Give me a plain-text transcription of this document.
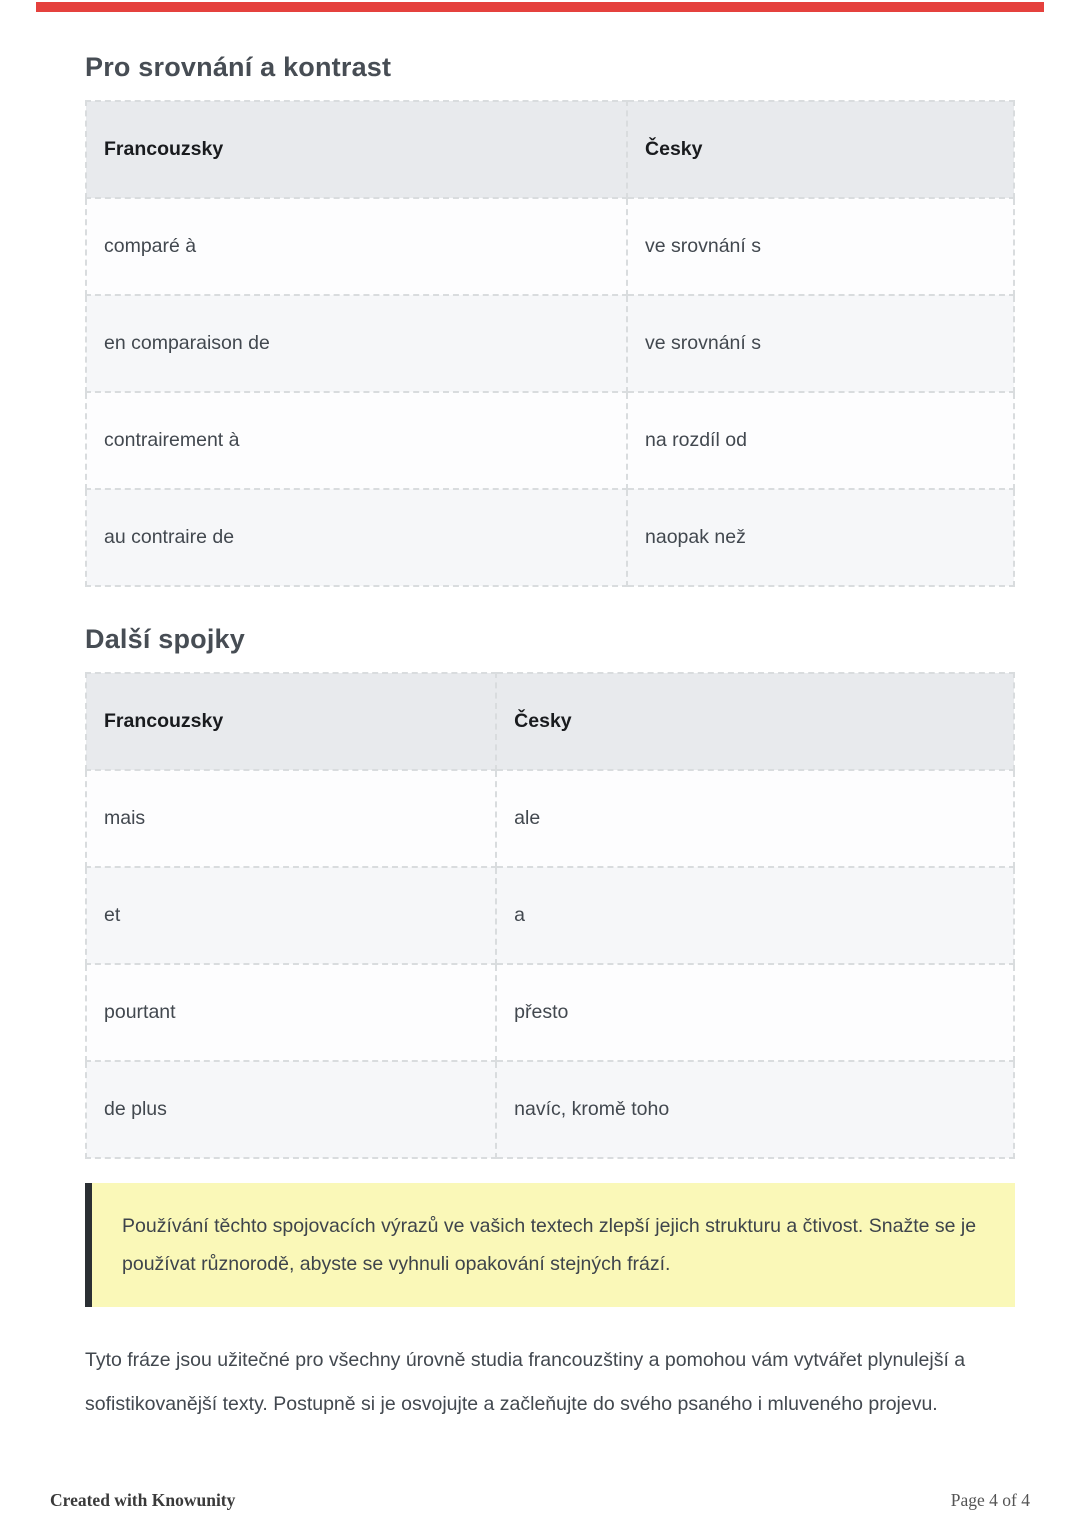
Pro srovnání a kontrast
Francouzsky	Česky
comparé à	ve srovnání s
en comparaison de	ve srovnání s
contrairement à	na rozdíl od
au contraire de	naopak než
Další spojky
Francouzsky	Česky
mais	ale
et	a
pourtant	přesto
de plus	navíc, kromě toho
Používání těchto spojovacích výrazů ve vašich textech zlepší jejich strukturu a čtivost. Snažte se je používat různorodě, abyste se vyhnuli opakování stejných frází.

Tyto fráze jsou užitečné pro všechny úrovně studia francouzštiny a pomohou vám vytvářet plynulejší a sofistikovanější texty. Postupně si je osvojujte a začleňujte do svého psaného i mluveného projevu.

Created with Knowunity	Page 4 of 4
